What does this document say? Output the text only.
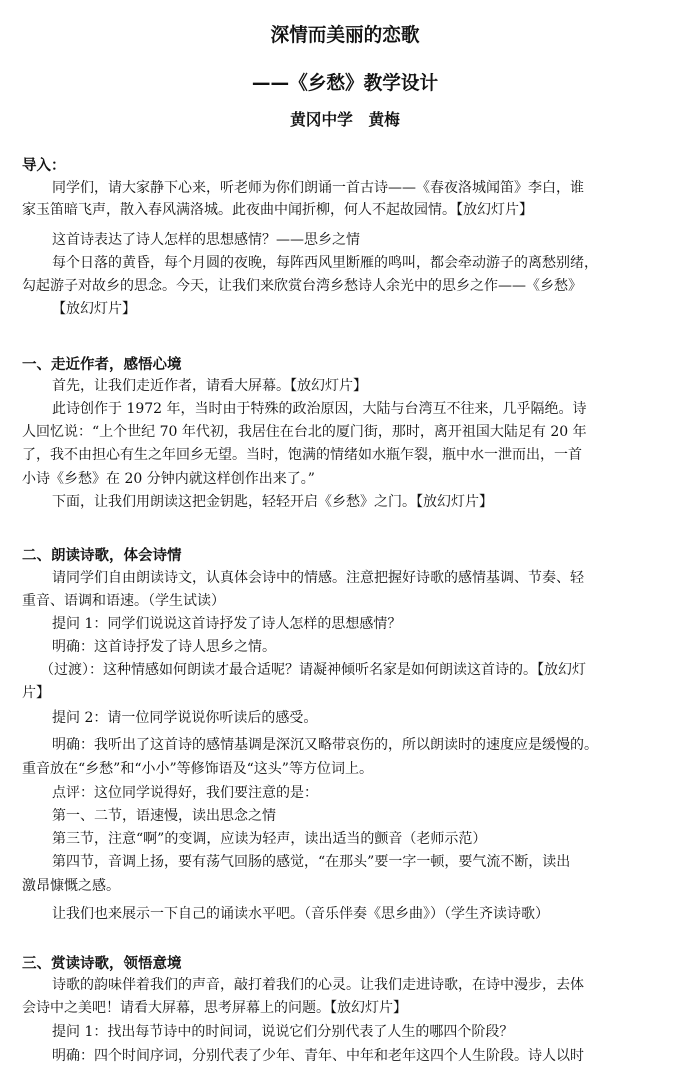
深情而美丽的恋歌
——《乡愁》教学设计
黄冈中学　黄梅
导入：
同学们，请大家静下心来，听老师为你们朗诵一首古诗——《春夜洛城闻笛》李白，谁
家玉笛暗飞声，散入春风满洛城。此夜曲中闻折柳，何人不起故园情。【放幻灯片】
这首诗表达了诗人怎样的思想感情？——思乡之情
每个日落的黄昏，每个月圆的夜晚，每阵西风里断雁的鸣叫，都会牵动游子的离愁别绪，
勾起游子对故乡的思念。今天，让我们来欣赏台湾乡愁诗人余光中的思乡之作——《乡愁》
【放幻灯片】
一、走近作者，感悟心境
首先，让我们走近作者，请看大屏幕。【放幻灯片】
此诗创作于 1972 年，当时由于特殊的政治原因，大陆与台湾互不往来，几乎隔绝。诗
人回忆说：“上个世纪 70 年代初，我居住在台北的厦门街，那时，离开祖国大陆足有 20 年
了，我不由担心有生之年回乡无望。当时，饱满的情绪如水瓶乍裂，瓶中水一泄而出，一首
小诗《乡愁》在 20 分钟内就这样创作出来了。”
下面，让我们用朗读这把金钥匙，轻轻开启《乡愁》之门。【放幻灯片】
二、朗读诗歌，体会诗情
请同学们自由朗读诗文，认真体会诗中的情感。注意把握好诗歌的感情基调、节奏、轻
重音、语调和语速。（学生试读）
提问 1：同学们说说这首诗抒发了诗人怎样的思想感情？
明确：这首诗抒发了诗人思乡之情。
（过渡）：这种情感如何朗读才最合适呢？请凝神倾听名家是如何朗读这首诗的。【放幻灯
片】
提问 2：请一位同学说说你听读后的感受。
明确：我听出了这首诗的感情基调是深沉又略带哀伤的，所以朗读时的速度应是缓慢的。
重音放在“乡愁”和“小小”等修饰语及“这头”等方位词上。
点评：这位同学说得好，我们要注意的是：
第一、二节，语速慢，读出思念之情
第三节，注意“啊”的变调，应读为轻声，读出适当的颤音（老师示范）
第四节，音调上扬，要有荡气回肠的感觉，“在那头”要一字一顿，要气流不断，读出
激昂慷慨之感。
让我们也来展示一下自己的诵读水平吧。（音乐伴奏《思乡曲》）（学生齐读诗歌）
三、赏读诗歌，领悟意境
诗歌的韵味伴着我们的声音，敲打着我们的心灵。让我们走进诗歌，在诗中漫步，去体
会诗中之美吧！请看大屏幕，思考屏幕上的问题。【放幻灯片】
提问 1：找出每节诗中的时间词，说说它们分别代表了人生的哪四个阶段？
明确：四个时间序词，分别代表了少年、青年、中年和老年这四个人生阶段。诗人以时
